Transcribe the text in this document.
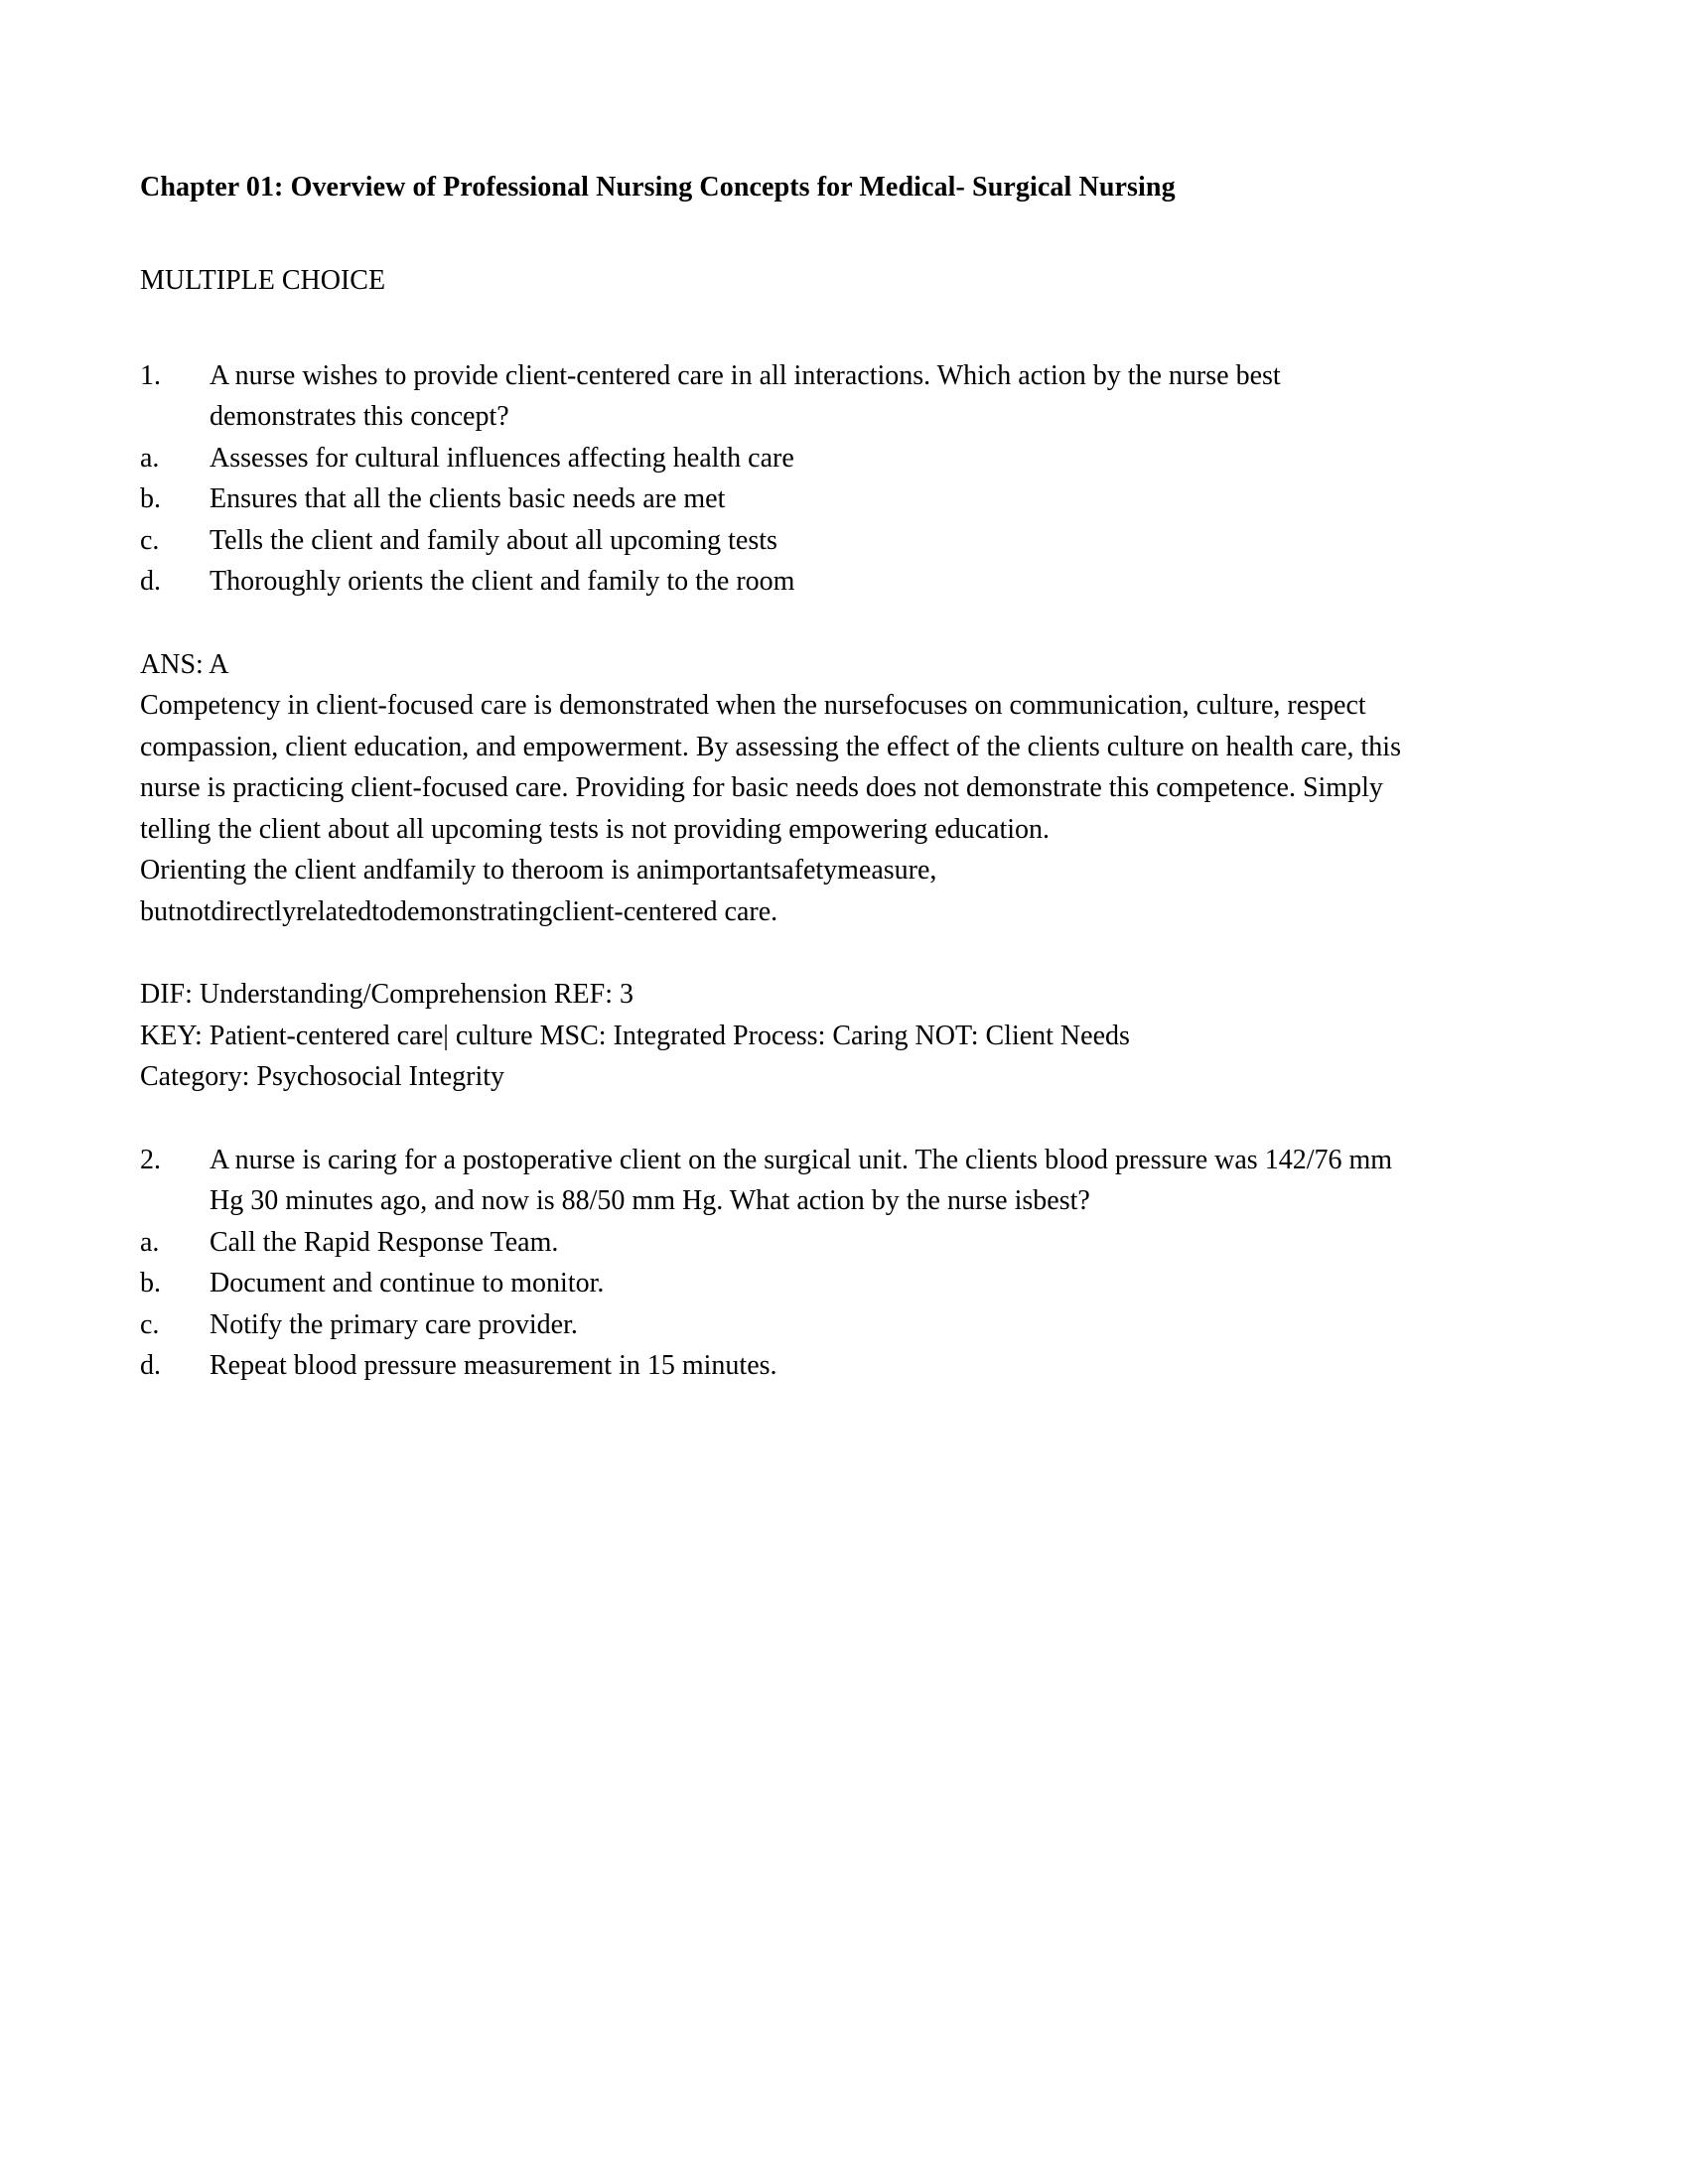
Chapter 01: Overview of Professional Nursing Concepts for Medical- Surgical Nursing

MULTIPLE CHOICE

1. A nurse wishes to provide client-centered care in all interactions. Which action by the nurse best demonstrates this concept?

a. Assesses for cultural influences affecting health care

b. Ensures that all the clients basic needs are met

c. Tells the client and family about all upcoming tests

d. Thoroughly orients the client and family to the room

ANS: A

Competency in client-focused care is demonstrated when the nursefocuses on communication, culture, respect compassion, client education, and empowerment. By assessing the effect of the clients culture on health care, this nurse is practicing client-focused care. Providing for basic needs does not demonstrate this competence. Simply telling the client about all upcoming tests is not providing empowering education.

Orienting the client andfamily to theroom is animportantsafetymeasure, butnotdirectlyrelatedtodemonstratingclient-centered care.

DIF: Understanding/Comprehension REF: 3

KEY: Patient-centered care| culture MSC: Integrated Process: Caring NOT: Client Needs

Category: Psychosocial Integrity

2. A nurse is caring for a postoperative client on the surgical unit. The clients blood pressure was 142/76 mm Hg 30 minutes ago, and now is 88/50 mm Hg. What action by the nurse isbest?

a. Call the Rapid Response Team.

b. Document and continue to monitor.

c. Notify the primary care provider.

d. Repeat blood pressure measurement in 15 minutes.
